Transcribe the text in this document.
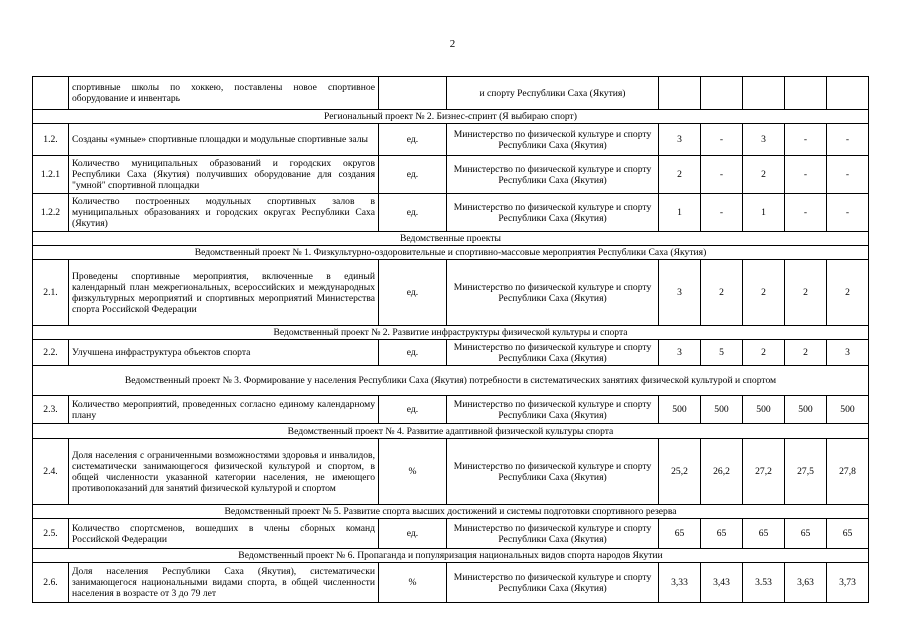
2
	спортивные школы по хоккею, поставлены новое спортивное оборудование и инвентарь		и спорту Республики Саха (Якутия)					
Региональный проект № 2. Бизнес-спринт (Я выбираю спорт)								
1.2.	Созданы «умные» спортивные площадки и модульные спортивные залы	ед.	Министерство по физической культуре и спорту Республики Саха (Якутия)	3	-	3	-	-
1.2.1	Количество муниципальных образований и городских округов Республики Саха (Якутия) получивших оборудование для создания "умной" спортивной площадки	ед.	Министерство по физической культуре и спорту Республики Саха (Якутия)	2	-	2	-	-
1.2.2	Количество построенных модульных спортивных залов в муниципальных образованиях и городских округах Республики Саха (Якутия)	ед.	Министерство по физической культуре и спорту Республики Саха (Якутия)	1	-	1	-	-
Ведомственные проекты								
Ведомственный проект № 1. Физкультурно-оздоровительные и спортивно-массовые мероприятия Республики Саха (Якутия)								
2.1.	Проведены спортивные мероприятия, включенные в единый календарный план межрегиональных, всероссийских и международных физкультурных мероприятий и спортивных мероприятий Министерства спорта Российской Федерации	ед.	Министерство по физической культуре и спорту Республики Саха (Якутия)	3	2	2	2	2
Ведомственный проект № 2. Развитие инфраструктуры физической культуры и спорта								
2.2.	Улучшена инфраструктура объектов спорта	ед.	Министерство по физической культуре и спорту Республики Саха (Якутия)	3	5	2	2	3
Ведомственный проект № 3. Формирование у населения Республики Саха (Якутия) потребности в систематических занятиях физической культурой и спортом								
2.3.	Количество мероприятий, проведенных согласно единому календарному плану	ед.	Министерство по физической культуре и спорту Республики Саха (Якутия)	500	500	500	500	500
Ведомственный проект № 4. Развитие адаптивной физической культуры спорта								
2.4.	Доля населения с ограниченными возможностями здоровья и инвалидов, систематически занимающегося физической культурой и спортом, в общей численности указанной категории населения, не имеющего противопоказаний для занятий физической культурой и спортом	%	Министерство по физической культуре и спорту Республики Саха (Якутия)	25,2	26,2	27,2	27,5	27,8
Ведомственный проект № 5. Развитие спорта высших достижений и системы подготовки спортивного резерва								
2.5.	Количество спортсменов, вошедших в члены сборных команд Российской Федерации	ед.	Министерство по физической культуре и спорту Республики Саха (Якутия)	65	65	65	65	65
Ведомственный проект № 6. Пропаганда и популяризация национальных видов спорта народов Якутии								
2.6.	Доля населения Республики Саха (Якутия), систематически занимающегося национальными видами спорта, в общей численности населения в возрасте от 3 до 79 лет	%	Министерство по физической культуре и спорту Республики Саха (Якутия)	3,33	3,43	3.53	3,63	3,73
